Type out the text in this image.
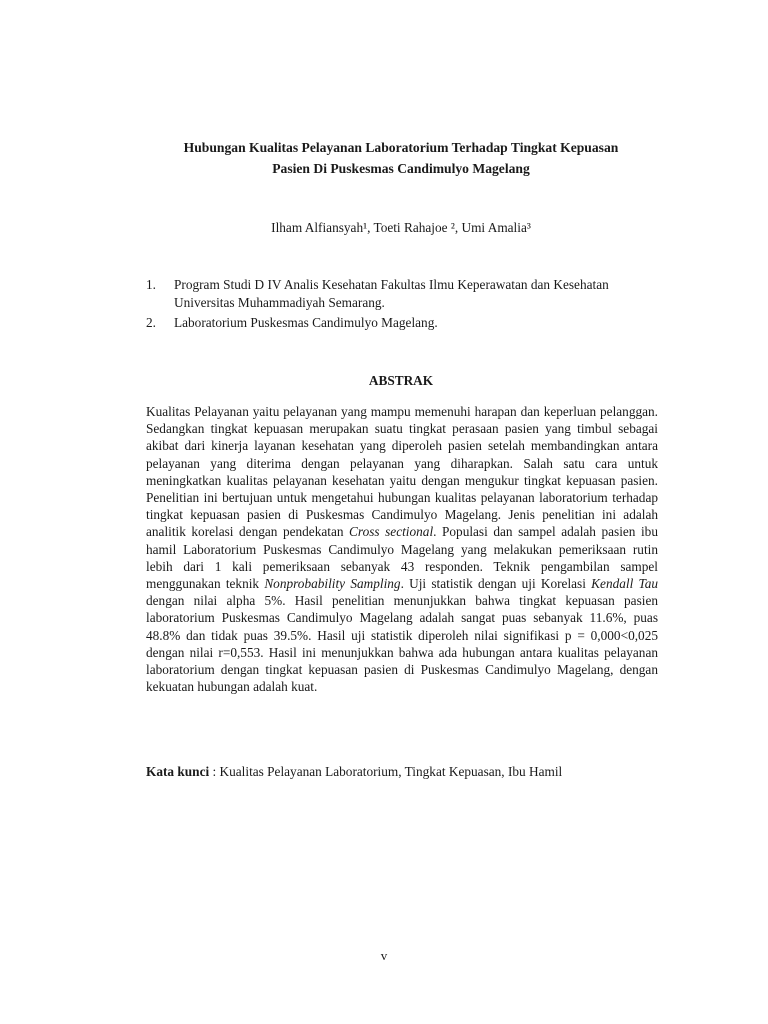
Hubungan Kualitas Pelayanan Laboratorium Terhadap Tingkat Kepuasan
Pasien Di Puskesmas Candimulyo Magelang
Ilham Alfiansyah¹, Toeti Rahajoe ², Umi Amalia³
1. Program Studi D IV Analis Kesehatan Fakultas Ilmu Keperawatan dan Kesehatan Universitas Muhammadiyah Semarang.
2. Laboratorium Puskesmas Candimulyo Magelang.
ABSTRAK

Kualitas Pelayanan yaitu pelayanan yang mampu memenuhi harapan dan keperluan pelanggan. Sedangkan tingkat kepuasan merupakan suatu tingkat perasaan pasien yang timbul sebagai akibat dari kinerja layanan kesehatan yang diperoleh pasien setelah membandingkan antara pelayanan yang diterima dengan pelayanan yang diharapkan. Salah satu cara untuk meningkatkan kualitas pelayanan kesehatan yaitu dengan mengukur tingkat kepuasan pasien. Penelitian ini bertujuan untuk mengetahui hubungan kualitas pelayanan laboratorium terhadap tingkat kepuasan pasien di Puskesmas Candimulyo Magelang. Jenis penelitian ini adalah analitik korelasi dengan pendekatan Cross sectional. Populasi dan sampel adalah pasien ibu hamil Laboratorium Puskesmas Candimulyo Magelang yang melakukan pemeriksaan rutin lebih dari 1 kali pemeriksaan sebanyak 43 responden. Teknik pengambilan sampel menggunakan teknik Nonprobability Sampling. Uji statistik dengan uji Korelasi Kendall Tau dengan nilai alpha 5%. Hasil penelitian menunjukkan bahwa tingkat kepuasan pasien laboratorium Puskesmas Candimulyo Magelang adalah sangat puas sebanyak 11.6%, puas 48.8% dan tidak puas 39.5%. Hasil uji statistik diperoleh nilai signifikasi p = 0,000<0,025 dengan nilai r=0,553. Hasil ini menunjukkan bahwa ada hubungan antara kualitas pelayanan laboratorium dengan tingkat kepuasan pasien di Puskesmas Candimulyo Magelang, dengan kekuatan hubungan adalah kuat.

Kata kunci : Kualitas Pelayanan Laboratorium, Tingkat Kepuasan, Ibu Hamil
v
